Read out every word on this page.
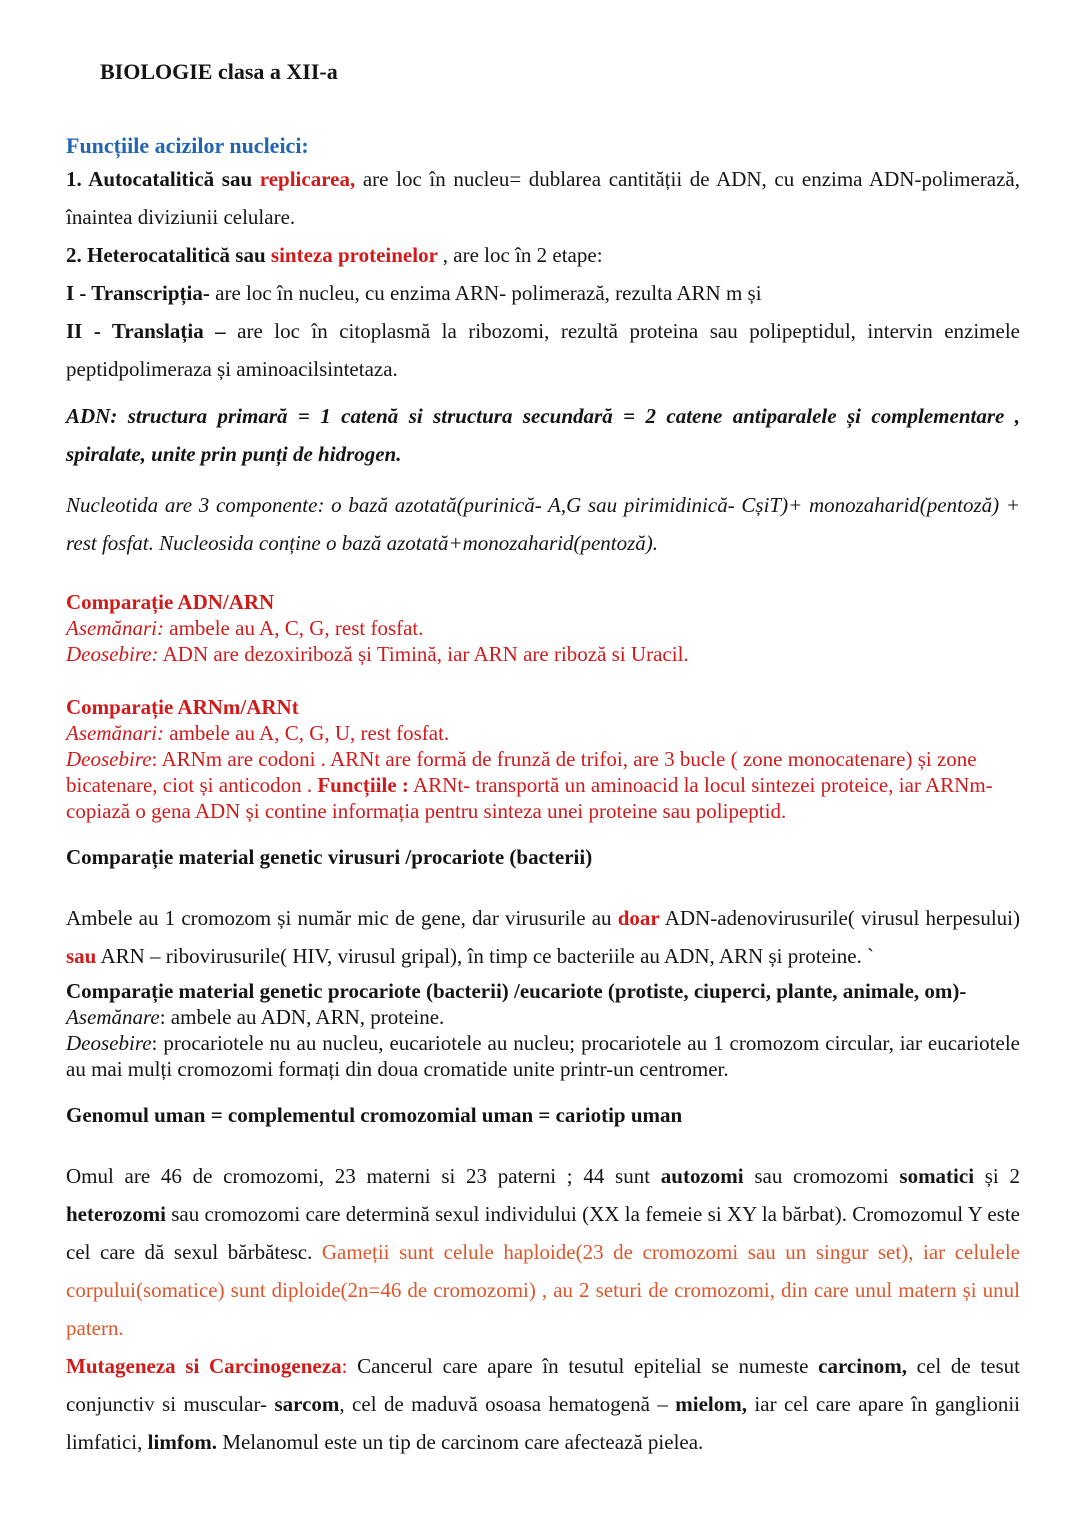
BIOLOGIE clasa a XII-a

Funcțiile acizilor nucleici:

1. Autocatalitică sau replicarea, are loc în nucleu= dublarea cantității de ADN, cu enzima ADN-polimerază, înaintea diviziunii celulare.

2. Heterocatalitică sau sinteza proteinelor , are loc în 2 etape:

I - Transcripția- are loc în nucleu, cu enzima ARN- polimerază, rezulta ARN m și

II - Translația – are loc în citoplasmă la ribozomi, rezultă proteina sau polipeptidul, intervin enzimele peptidpolimeraza și aminoacilsintetaza.

ADN: structura primară = 1 catenă si structura secundară = 2 catene antiparalele și complementare , spiralate, unite prin punți de hidrogen.

Nucleotida are 3 componente: o bază azotată(purinică- A,G sau pirimidinică- CșiT)+ monozaharid(pentoză) + rest fosfat. Nucleosida conține o bază azotată+monozaharid(pentoză).

Comparație ADN/ARN

Asemănari: ambele au A, C, G, rest fosfat.

Deosebire: ADN are dezoxiriboză și Timină, iar ARN are riboză si Uracil.

Comparație ARNm/ARNt

Asemănari: ambele au A, C, G, U, rest fosfat.

Deosebire: ARNm are codoni . ARNt are formă de frunză de trifoi, are 3 bucle ( zone monocatenare) și zone bicatenare, ciot și anticodon . Funcțiile : ARNt- transportă un aminoacid la locul sintezei proteice, iar ARNm- copiază o gena ADN și contine informația pentru sinteza unei proteine sau polipeptid.

Comparație material genetic virusuri /procariote (bacterii)

Ambele au 1 cromozom și număr mic de gene, dar virusurile au doar ADN-adenovirusurile( virusul herpesului) sau ARN – ribovirusurile( HIV, virusul gripal), în timp ce bacteriile au ADN, ARN și proteine. `

Comparație material genetic procariote (bacterii) /eucariote (protiste, ciuperci, plante, animale, om)-

Asemănare: ambele au ADN, ARN, proteine.

Deosebire: procariotele nu au nucleu, eucariotele au nucleu; procariotele au 1 cromozom circular, iar eucariotele au mai mulți cromozomi formați din doua cromatide unite printr-un centromer.

Genomul uman = complementul cromozomial uman = cariotip uman

Omul are 46 de cromozomi, 23 materni si 23 paterni ; 44 sunt autozomi sau cromozomi somatici și 2 heterozomi sau cromozomi care determină sexul individului (XX la femeie si XY la bărbat). Cromozomul Y este cel care dă sexul bărbătesc. Gameții sunt celule haploide(23 de cromozomi sau un singur set), iar celulele corpului(somatice) sunt diploide(2n=46 de cromozomi) , au 2 seturi de cromozomi, din care unul matern și unul patern.

Mutageneza si Carcinogeneza: Cancerul care apare în tesutul epitelial se numeste carcinom, cel de tesut conjunctiv si muscular- sarcom, cel de maduvă osoasa hematogenă – mielom, iar cel care apare în ganglionii limfatici, limfom. Melanomul este un tip de carcinom care afectează pielea.
